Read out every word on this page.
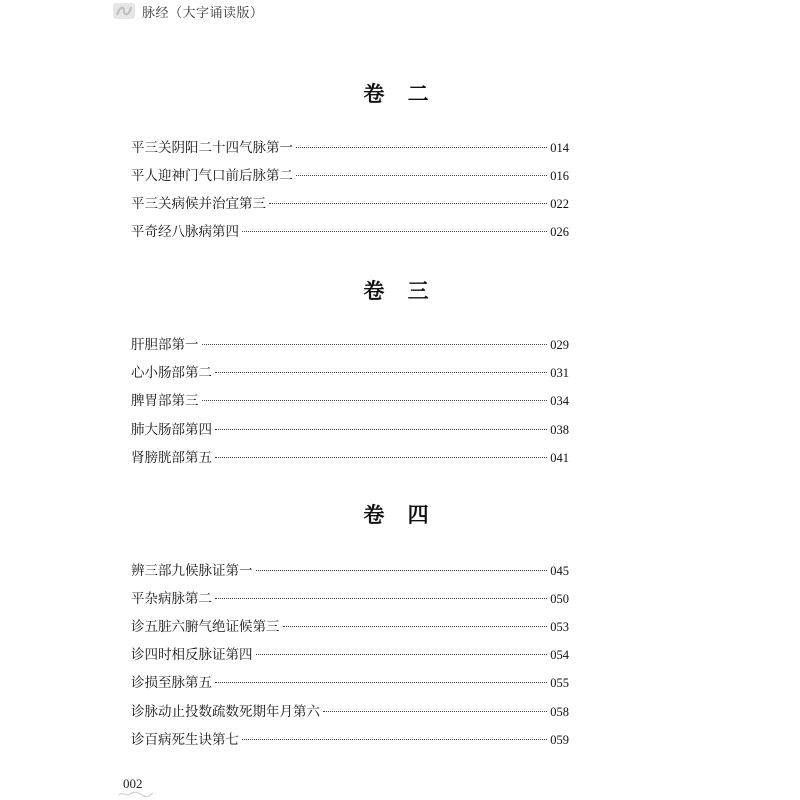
脉经（大字诵读版）
卷 二
平三关阴阳二十四气脉第一	014
平人迎神门气口前后脉第二	016
平三关病候并治宜第三	022
平奇经八脉病第四	026
卷 三
肝胆部第一	029
心小肠部第二	031
脾胃部第三	034
肺大肠部第四	038
肾膀胱部第五	041
卷 四
辨三部九候脉证第一	045
平杂病脉第二	050
诊五脏六腑气绝证候第三	053
诊四时相反脉证第四	054
诊损至脉第五	055
诊脉动止投数疏数死期年月第六	058
诊百病死生诀第七	059
002
